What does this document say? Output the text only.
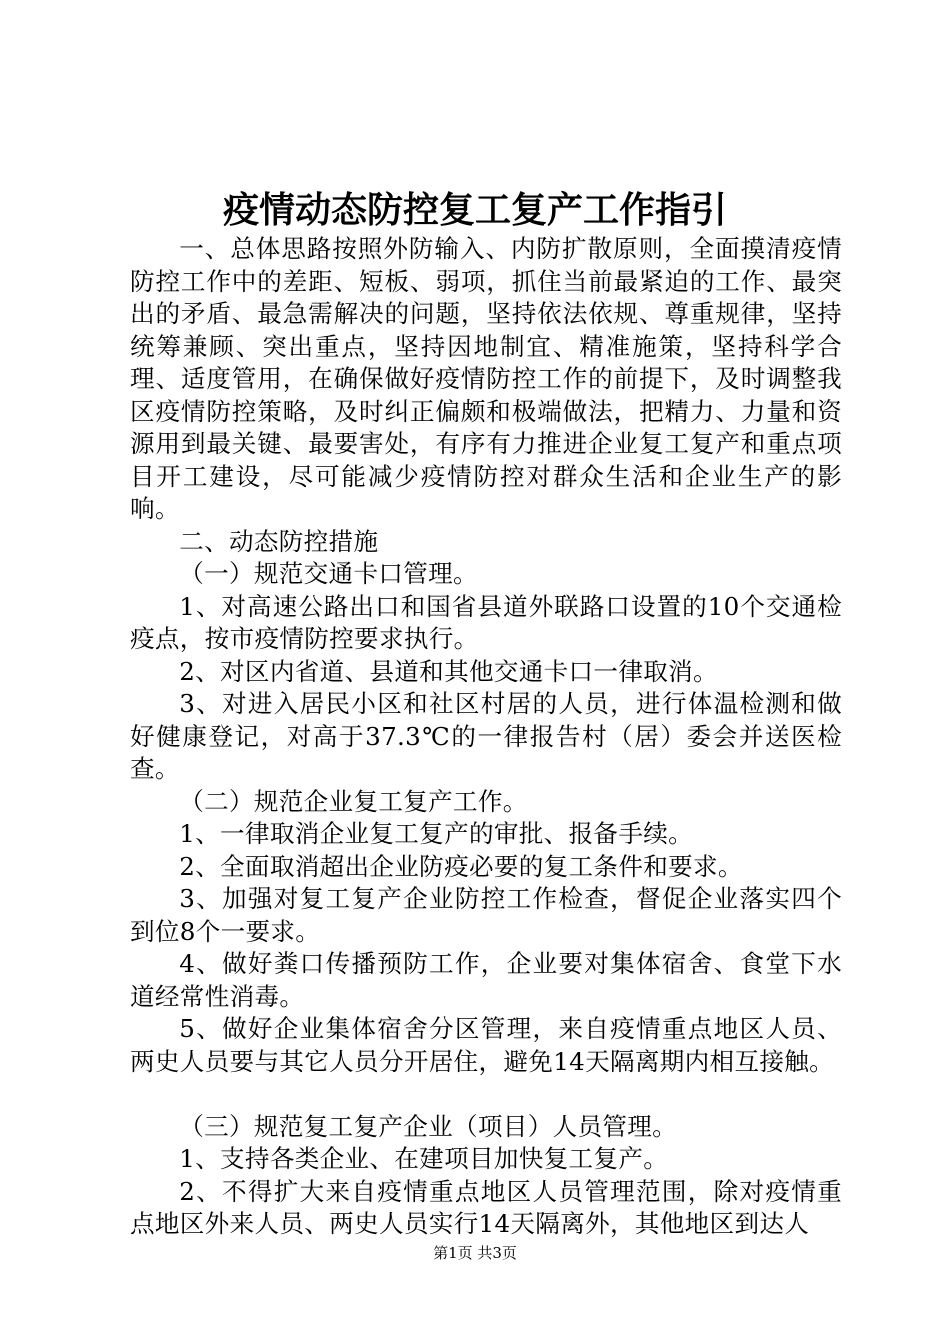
疫情动态防控复工复产工作指引

一、总体思路按照外防输入、内防扩散原则，全面摸清疫情防控工作中的差距、短板、弱项，抓住当前最紧迫的工作、最突出的矛盾、最急需解决的问题，坚持依法依规、尊重规律，坚持统筹兼顾、突出重点，坚持因地制宜、精准施策，坚持科学合理、适度管用，在确保做好疫情防控工作的前提下，及时调整我区疫情防控策略，及时纠正偏颇和极端做法，把精力、力量和资源用到最关键、最要害处，有序有力推进企业复工复产和重点项目开工建设，尽可能减少疫情防控对群众生活和企业生产的影响。

二、动态防控措施

（一）规范交通卡口管理。

1、对高速公路出口和国省县道外联路口设置的10个交通检疫点，按市疫情防控要求执行。

2、对区内省道、县道和其他交通卡口一律取消。

3、对进入居民小区和社区村居的人员，进行体温检测和做好健康登记，对高于37.3℃的一律报告村（居）委会并送医检查。

（二）规范企业复工复产工作。

1、一律取消企业复工复产的审批、报备手续。

2、全面取消超出企业防疫必要的复工条件和要求。

3、加强对复工复产企业防控工作检查，督促企业落实四个到位8个一要求。

4、做好粪口传播预防工作，企业要对集体宿舍、食堂下水道经常性消毒。

5、做好企业集体宿舍分区管理，来自疫情重点地区人员、两史人员要与其它人员分开居住，避免14天隔离期内相互接触。

（三）规范复工复产企业（项目）人员管理。

1、支持各类企业、在建项目加快复工复产。

2、不得扩大来自疫情重点地区人员管理范围，除对疫情重点地区外来人员、两史人员实行14天隔离外，其他地区到达人

第1页 共3页
